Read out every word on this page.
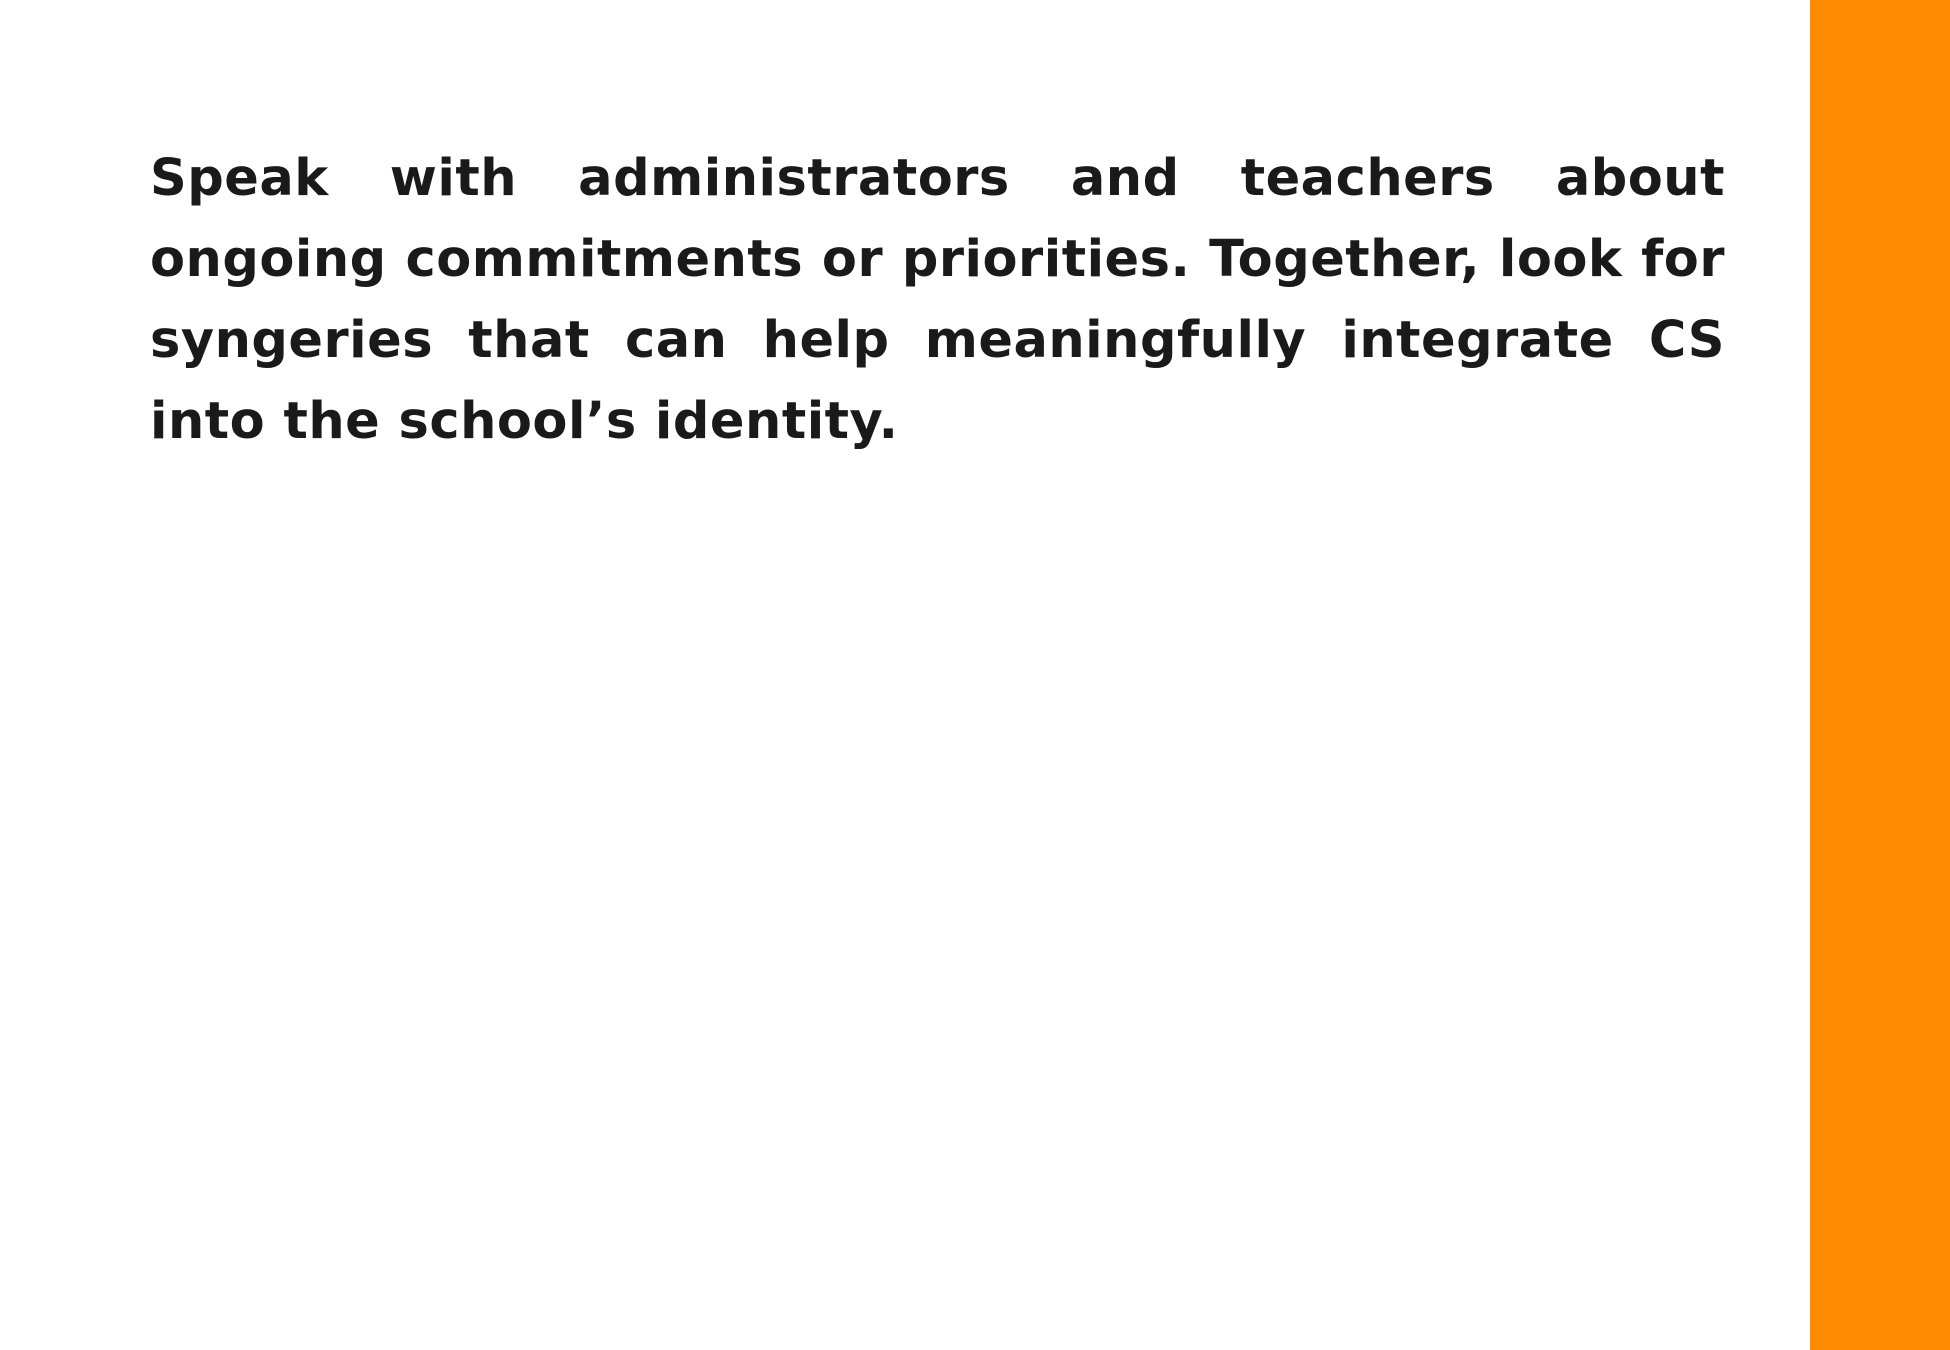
Speak with administrators and teachers about ongoing commitments or priorities. Together, look for syngeries that can help meaningfully integrate CS into the school’s identity.
